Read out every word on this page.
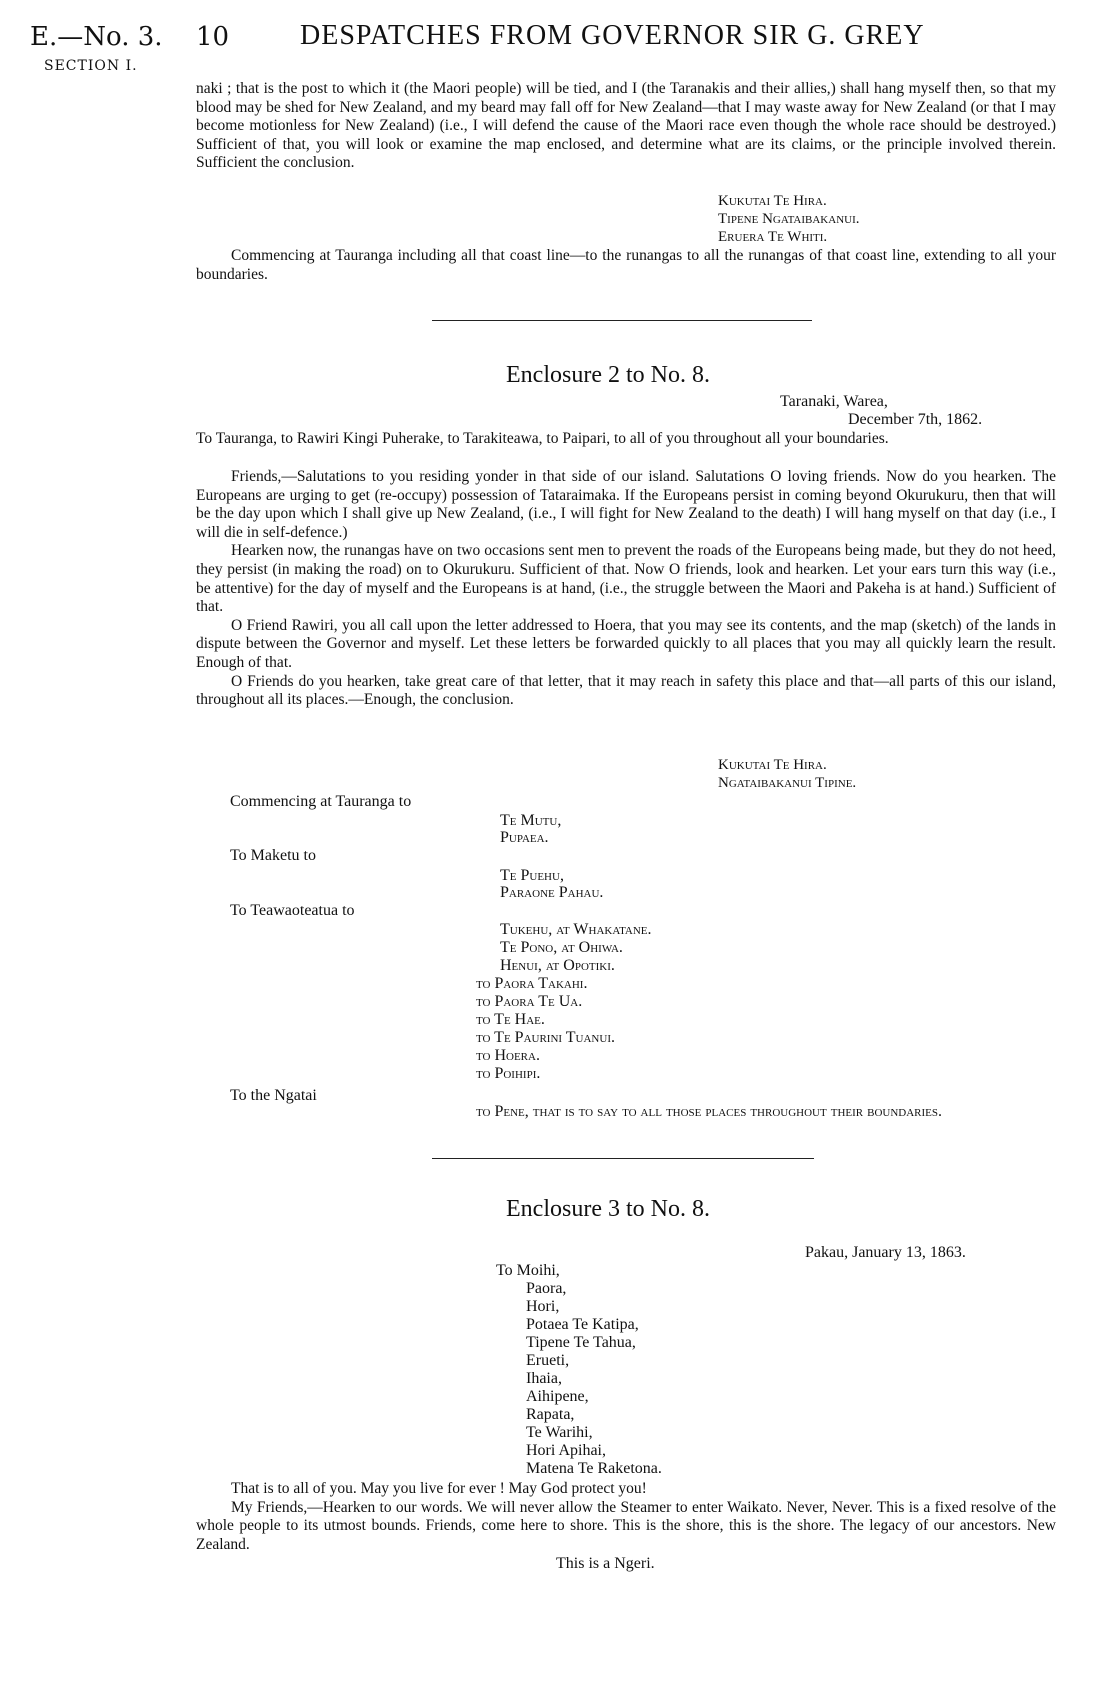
E.—No. 3. 10	DESPATCHES FROM GOVERNOR SIR G. GREY
SECTION I.

naki ; that is the post to which it (the Maori people) will be tied, and I (the Taranakis and their allies,) shall hang myself then, so that my blood may be shed for New Zealand, and my beard may fall off for New Zealand—that I may waste away for New Zealand (or that I may become motionless for New Zealand) (i.e., I will defend the cause of the Maori race even though the whole race should be destroyed.) Sufficient of that, you will look or examine the map enclosed, and determine what are its claims, or the principle involved therein. Sufficient the conclusion.

Kukutai Te Hira.
Tipene Ngataibakanui.
Eruera Te Whiti.

Commencing at Tauranga including all that coast line—to the runangas to all the runangas of that coast line, extending to all your boundaries.

Enclosure 2 to No. 8.
Taranaki, Warea,
December 7th, 1862.

To Tauranga, to Rawiri Kingi Puherake, to Tarakiteawa, to Paipari, to all of you throughout all your boundaries.

Friends,—Salutations to you residing yonder in that side of our island. Salutations O loving friends. Now do you hearken. The Europeans are urging to get (re-occupy) possession of Tataraimaka. If the Europeans persist in coming beyond Okurukuru, then that will be the day upon which I shall give up New Zealand, (i.e., I will fight for New Zealand to the death) I will hang myself on that day (i.e., I will die in self-defence.)

Hearken now, the runangas have on two occasions sent men to prevent the roads of the Europeans being made, but they do not heed, they persist (in making the road) on to Okurukuru. Sufficient of that. Now O friends, look and hearken. Let your ears turn this way (i.e., be attentive) for the day of myself and the Europeans is at hand, (i.e., the struggle between the Maori and Pakeha is at hand.) Sufficient of that.

O Friend Rawiri, you all call upon the letter addressed to Hoera, that you may see its contents, and the map (sketch) of the lands in dispute between the Governor and myself. Let these letters be forwarded quickly to all places that you may all quickly learn the result. Enough of that.

O Friends do you hearken, take great care of that letter, that it may reach in safety this place and that—all parts of this our island, throughout all its places.—Enough, the conclusion.

Kukutai Te Hira.
Ngataibakanui Tipine.
Commencing at Tauranga to
To Maketu to
To Teawaoteatua to
To the Ngatai
Te Mutu,
Pupaea.
Te Puehu,
Paraone Pahau.
Tukehu, at Whakatane.
Te Pono, at Ohiwa.
Henui, at Opotiki.
to Paora Takahi.
to Paora Te Ua.
to Te Hae.
to Te Paurini Tuanui.
to Hoera.
to Poihipi.
to Pene, that is to say to all those places throughout their boundaries.
Enclosure 3 to No. 8.
Pakau, January 13, 1863.
To Moihi,
Paora,
Hori,
Potaea Te Katipa,
Tipene Te Tahua,
Erueti,
Ihaia,
Aihipene,
Rapata,
Te Warihi,
Hori Apihai,
Matena Te Raketona.

That is to all of you. May you live for ever ! May God protect you!

My Friends,—Hearken to our words. We will never allow the Steamer to enter Waikato. Never, Never. This is a fixed resolve of the whole people to its utmost bounds. Friends, come here to shore. This is the shore, this is the shore. The legacy of our ancestors. New Zealand.

This is a Ngeri.
